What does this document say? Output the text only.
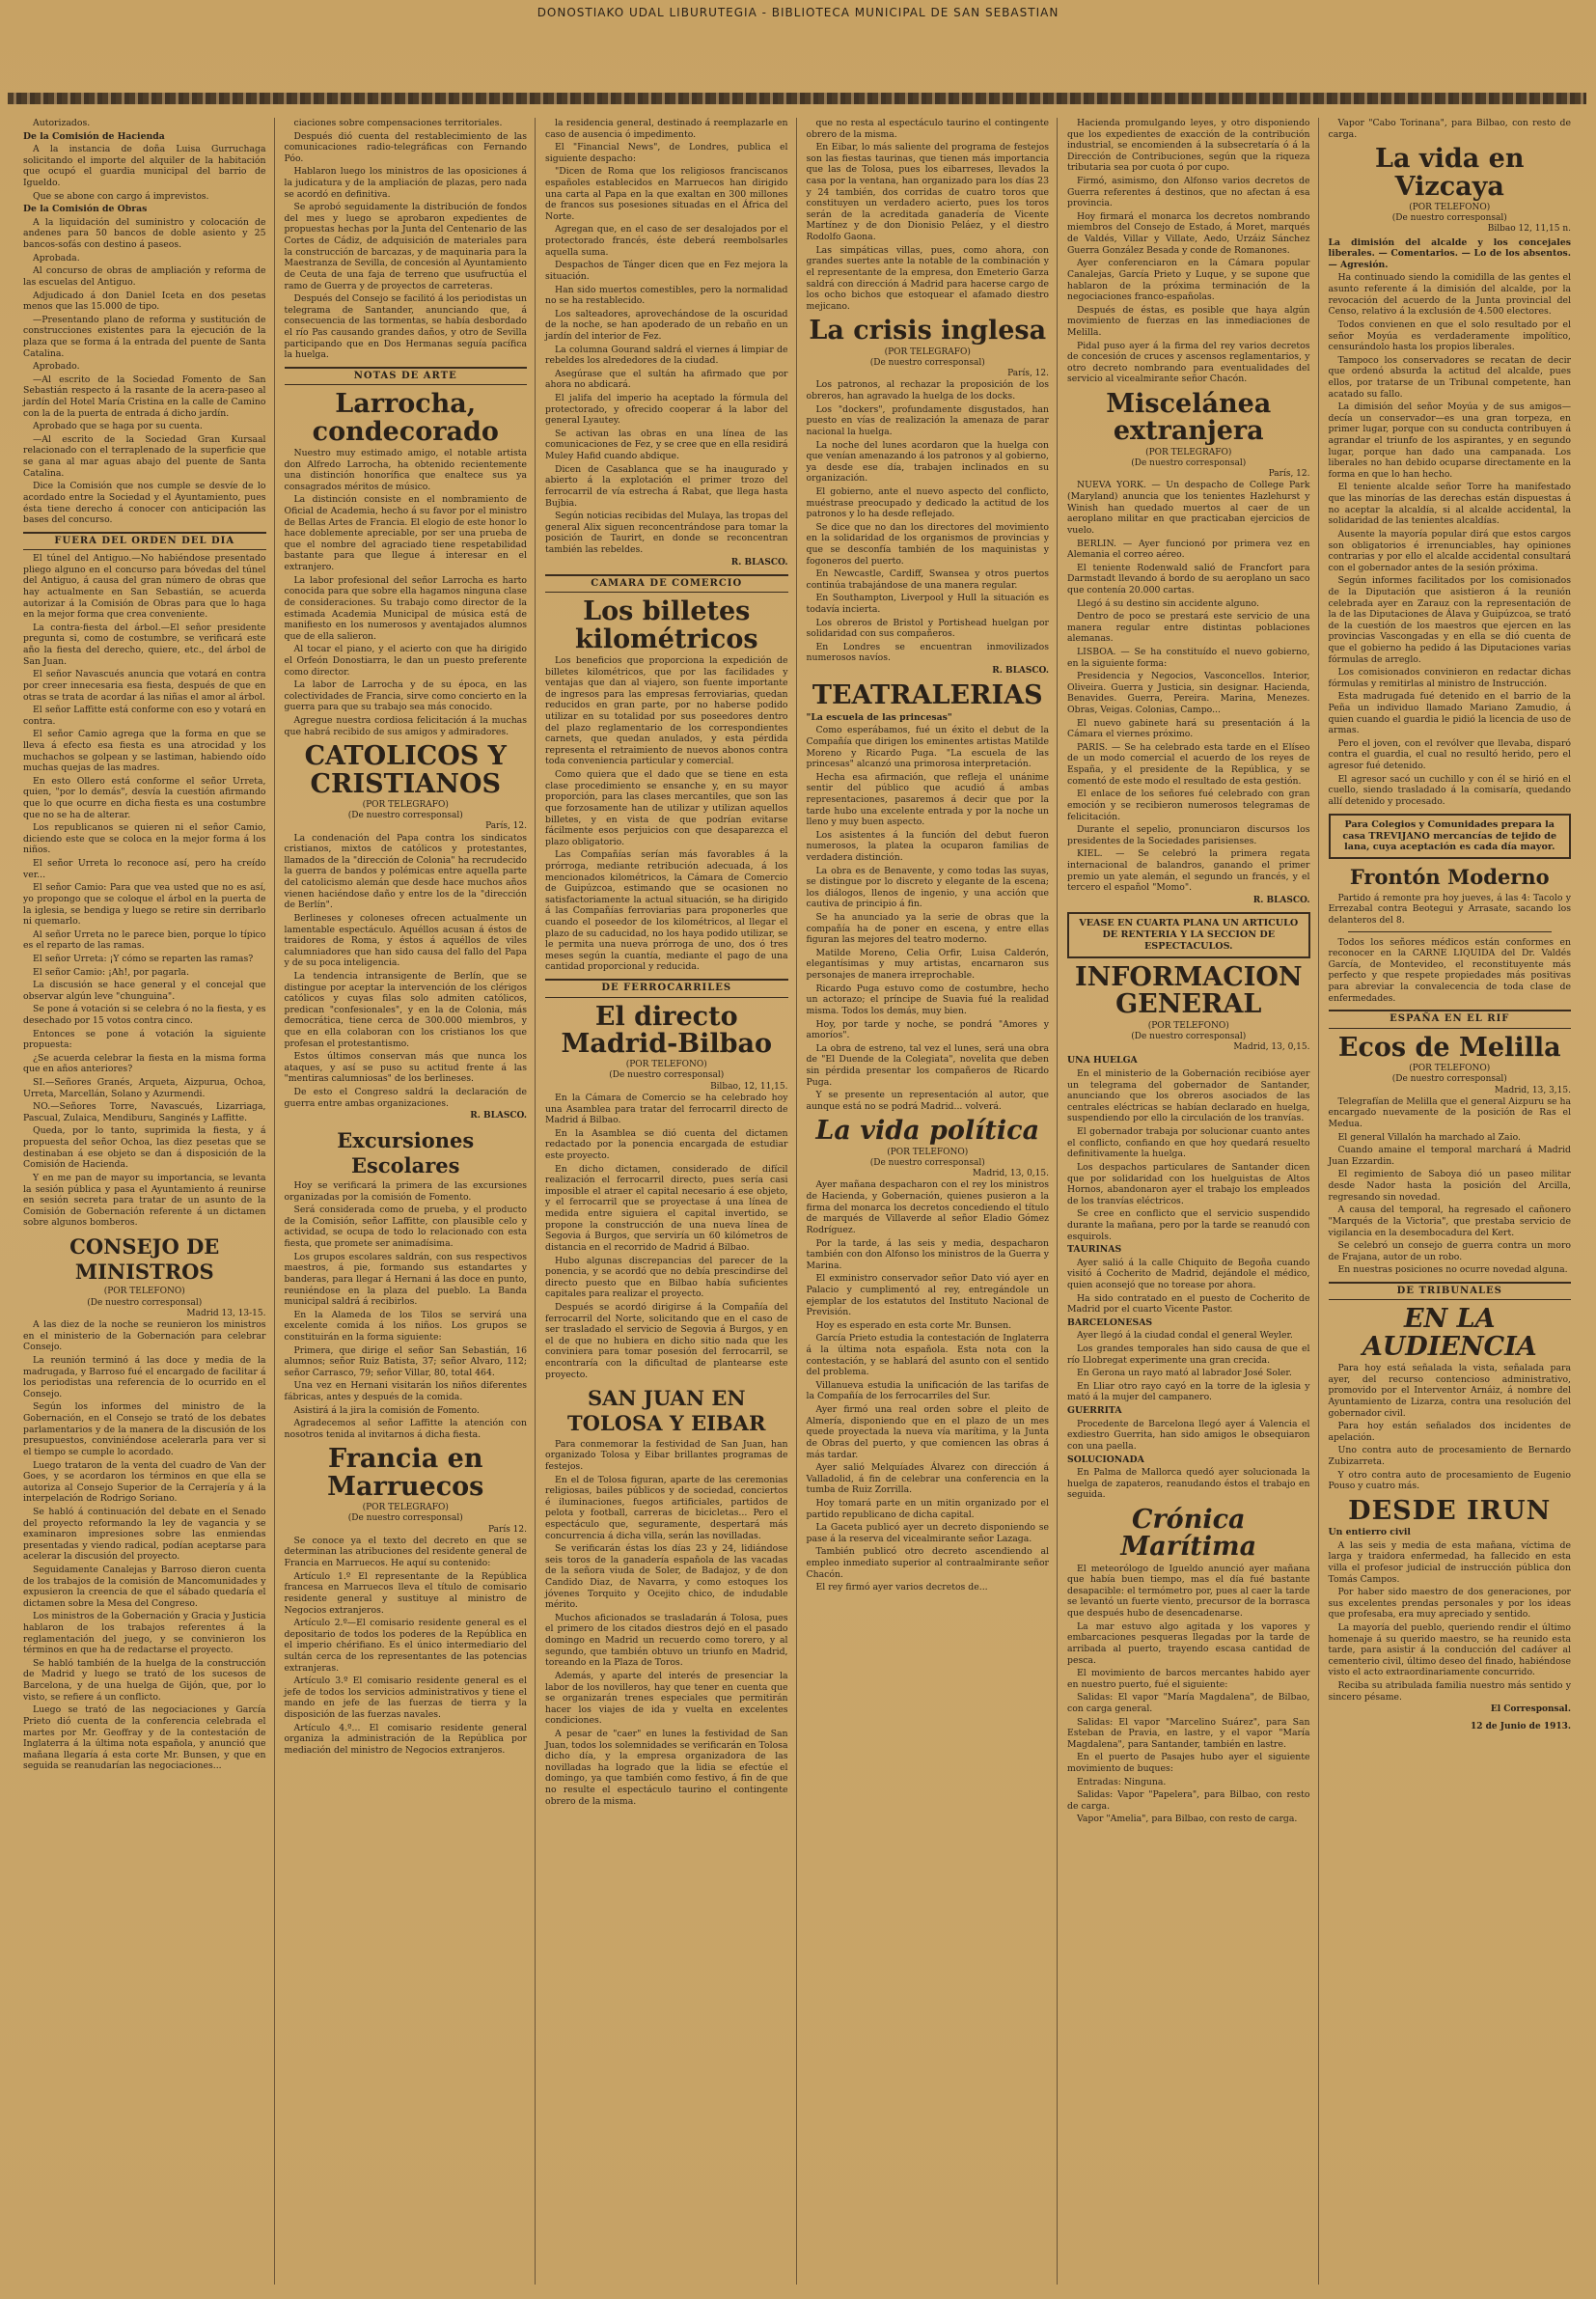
DONOSTIAKO UDAL LIBURUTEGIA - BIBLIOTECA MUNICIPAL DE SAN SEBASTIAN
Autorizados.
De la Comisión de Hacienda
A la instancia de doña Luisa Gurruchaga solicitando el importe del alquiler de la habitación que ocupó el guardia municipal del barrio de Igueldo.
Que se abone con cargo á imprevistos.
De la Comisión de Obras
A la liquidación del suministro y colocación de andenes para 50 bancos de doble asiento y 25 bancos-sofás con destino á paseos.
Aprobada.
Al concurso de obras de ampliación y reforma de las escuelas del Antiguo.
Adjudicado á don Daniel Iceta en dos pesetas menos que las 15.000 de tipo.
—Presentando plano de reforma y sustitución de construcciones existentes para la ejecución de la plaza que se forma á la entrada del puente de Santa Catalina.
Aprobado.
—Al escrito de la Sociedad Fomento de San Sebastián respecto á la rasante de la acera-paseo al jardín del Hotel María Cristina en la calle de Camino con la de la puerta de entrada á dicho jardín.
Aprobado que se haga por su cuenta.
—Al escrito de la Sociedad Gran Kursaal relacionado con el terraplenado de la superficie que se gana al mar aguas abajo del puente de Santa Catalina.
Dice la Comisión que nos cumple se desvíe de lo acordado entre la Sociedad y el Ayuntamiento, pues ésta tiene derecho á conocer con anticipación las bases del concurso.
FUERA DEL ORDEN DEL DIA
El túnel del Antiguo.—No habiéndose presentado pliego alguno en el concurso para bóvedas del túnel del Antiguo, á causa del gran número de obras que hay actualmente en San Sebastián, se acuerda autorizar á la Comisión de Obras para que lo haga en la mejor forma que crea conveniente.
La contra-fiesta del árbol.—El señor presidente pregunta si, como de costumbre, se verificará este año la fiesta del derecho, quiere, etc., del árbol de San Juan.
El señor Navascués anuncia que votará en contra por creer innecesaria esa fiesta, después de que en otras se trata de acordar á las niñas el amor al árbol.
El señor Laffitte está conforme con eso y votará en contra.
El señor Camio agrega que la forma en que se lleva á efecto esa fiesta es una atrocidad y los muchachos se golpean y se lastiman, habiendo oído muchas quejas de las madres.
En esto Ollero está conforme el señor Urreta, quien, "por lo demás", desvía la cuestión afirmando que lo que ocurre en dicha fiesta es una costumbre que no se ha de alterar.
Los republicanos se quieren ni el señor Camio, diciendo este que se coloca en la mejor forma á los niños.
El señor Urreta lo reconoce así, pero ha creído ver...
El señor Camio: Para que vea usted que no es así, yo propongo que se coloque el árbol en la puerta de la iglesia, se bendiga y luego se retire sin derribarlo ni quemarlo.
Al señor Urreta no le parece bien, porque lo típico es el reparto de las ramas.
El señor Urreta: ¡Y cómo se reparten las ramas?
El señor Camio: ¡Ah!, por pagarla.
La discusión se hace general y el concejal que observar algún leve "chunguina".
Se pone á votación si se celebra ó no la fiesta, y es desechado por 15 votos contra cinco.
Entonces se pone á votación la siguiente propuesta:
¿Se acuerda celebrar la fiesta en la misma forma que en años anteriores?
SI.—Señores Granés, Arqueta, Aizpurua, Ochoa, Urreta, Marcellán, Solano y Azurmendi.
NO.—Señores Torre, Navascués, Lizarriaga, Pascual, Zulaica, Mendiburu, Sanginés y Laffitte.
Queda, por lo tanto, suprimida la fiesta, y á propuesta del señor Ochoa, las diez pesetas que se destinaban á ese objeto se dan á disposición de la Comisión de Hacienda.
Y en me pan de mayor su importancia, se levanta la sesión pública y pasa el Ayuntamiento á reunirse en sesión secreta para tratar de un asunto de la Comisión de Gobernación referente á un dictamen sobre algunos bomberos.
CONSEJO DE MINISTROS
(POR TELEFONO)
(De nuestro corresponsal)
Madrid 13, 13-15.
A las diez de la noche se reunieron los ministros en el ministerio de la Gobernación para celebrar Consejo.
La reunión terminó á las doce y media de la madrugada, y Barroso fué el encargado de facilitar á los periodistas una referencia de lo ocurrido en el Consejo.
Según los informes del ministro de la Gobernación, en el Consejo se trató de los debates parlamentarios y de la manera de la discusión de los presupuestos, conviniéndose acelerarla para ver si el tiempo se cumple lo acordado.
Luego trataron de la venta del cuadro de Van der Goes, y se acordaron los términos en que ella se autoriza al Consejo Superior de la Cerrajería y á la interpelación de Rodrigo Soriano.
Se habló á continuación del debate en el Senado del proyecto reformando la ley de vagancia y se examinaron impresiones sobre las enmiendas presentadas y viendo radical, podían aceptarse para acelerar la discusión del proyecto.
Seguidamente Canalejas y Barroso dieron cuenta de los trabajos de la comisión de Mancomunidades y expusieron la creencia de que el sábado quedaría el dictamen sobre la Mesa del Congreso.
Los ministros de la Gobernación y Gracia y Justicia hablaron de los trabajos referentes á la reglamentación del juego, y se convinieron los términos en que ha de redactarse el proyecto.
Se habló también de la huelga de la construcción de Madrid y luego se trató de los sucesos de Barcelona, y de una huelga de Gijón, que, por lo visto, se refiere á un conflicto.
Luego se trató de las negociaciones y García Prieto dió cuenta de la conferencia celebrada el martes por Mr. Geoffray y de la contestación de Inglaterra á la última nota española, y anunció que mañana llegaría á esta corte Mr. Bunsen, y que en seguida se reanudarían las negociaciones...
ciaciones sobre compensaciones territoriales.
Después dió cuenta del restablecimiento de las comunicaciones radio-telegráficas con Fernando Póo.
Hablaron luego los ministros de las oposiciones á la judicatura y de la ampliación de plazas, pero nada se acordó en definitiva.
Se aprobó seguidamente la distribución de fondos del mes y luego se aprobaron expedientes de propuestas hechas por la Junta del Centenario de las Cortes de Cádiz, de adquisición de materiales para la construcción de barcazas, y de maquinaria para la Maestranza de Sevilla, de concesión al Ayuntamiento de Ceuta de una faja de terreno que usufructúa el ramo de Guerra y de proyectos de carreteras.
Después del Consejo se facilitó á los periodistas un telegrama de Santander, anunciando que, á consecuencia de las tormentas, se había desbordado el río Pas causando grandes daños, y otro de Sevilla participando que en Dos Hermanas seguía pacífica la huelga.
NOTAS DE ARTE
Larrocha, condecorado
Nuestro muy estimado amigo, el notable artista don Alfredo Larrocha, ha obtenido recientemente una distinción honorífica que enaltece sus ya consagrados méritos de músico.
La distinción consiste en el nombramiento de Oficial de Academia, hecho á su favor por el ministro de Bellas Artes de Francia. El elogio de este honor lo hace doblemente apreciable, por ser una prueba de que el nombre del agraciado tiene respetabilidad bastante para que llegue á interesar en el extranjero.
La labor profesional del señor Larrocha es harto conocida para que sobre ella hagamos ninguna clase de consideraciones. Su trabajo como director de la estimada Academia Municipal de música está de manifiesto en los numerosos y aventajados alumnos que de ella salieron.
Al tocar el piano, y el acierto con que ha dirigido el Orfeón Donostiarra, le dan un puesto preferente como director.
La labor de Larrocha y de su época, en las colectividades de Francia, sirve como concierto en la guerra para que su trabajo sea más conocido.
Agregue nuestra cordiosa felicitación á la muchas que habrá recibido de sus amigos y admiradores.
CATOLICOS Y CRISTIANOS
(POR TELEGRAFO)
(De nuestro corresponsal)
París, 12.
La condenación del Papa contra los sindicatos cristianos, mixtos de católicos y protestantes, llamados de la "dirección de Colonia" ha recrudecido la guerra de bandos y polémicas entre aquella parte del catolicismo alemán que desde hace muchos años vienen haciéndose daño y entre los de la "dirección de Berlín".
Berlineses y coloneses ofrecen actualmente un lamentable espectáculo. Aquéllos acusan á éstos de traidores de Roma, y éstos á aquéllos de viles calumniadores que han sido causa del fallo del Papa y de su poca inteligencia.
La tendencia intransigente de Berlín, que se distingue por aceptar la intervención de los clérigos católicos y cuyas filas solo admiten católicos, predican "confesionales", y en la de Colonia, más democrática, tiene cerca de 300.000 miembros, y que en ella colaboran con los cristianos los que profesan el protestantismo.
Estos últimos conservan más que nunca los ataques, y así se puso su actitud frente á las "mentiras calumniosas" de los berlineses.
De esto el Congreso saldrá la declaración de guerra entre ambas organizaciones.
R. BLASCO.
Excursiones Escolares
Hoy se verificará la primera de las excursiones organizadas por la comisión de Fomento.
Será considerada como de prueba, y el producto de la Comisión, señor Laffitte, con plausible celo y actividad, se ocupa de todo lo relacionado con esta fiesta, que promete ser animadísima.
Los grupos escolares saldrán, con sus respectivos maestros, á pie, formando sus estandartes y banderas, para llegar á Hernani á las doce en punto, reuniéndose en la plaza del pueblo. La Banda municipal saldrá á recibirlos.
En la Alameda de los Tilos se servirá una excelente comida á los niños. Los grupos se constituirán en la forma siguiente:
Primera, que dirige el señor San Sebastián, 16 alumnos; señor Ruiz Batista, 37; señor Alvaro, 112; señor Carrasco, 79; señor Villar, 80, total 464.
Una vez en Hernani visitarán los niños diferentes fábricas, antes y después de la comida.
Asistirá á la jira la comisión de Fomento.
Agradecemos al señor Laffitte la atención con nosotros tenida al invitarnos á dicha fiesta.
Francia en Marruecos
(POR TELEGRAFO)
(De nuestro corresponsal)
París 12.
Se conoce ya el texto del decreto en que se determinan las atribuciones del residente general de Francia en Marruecos. He aquí su contenido:
Artículo 1.º El representante de la República francesa en Marruecos lleva el título de comisario residente general y sustituye al ministro de Negocios extranjeros.
Artículo 2.º—El comisario residente general es el depositario de todos los poderes de la República en el imperio chérifiano. Es el único intermediario del sultán cerca de los representantes de las potencias extranjeras.
Artículo 3.º El comisario residente general es el jefe de todos los servicios administrativos y tiene el mando en jefe de las fuerzas de tierra y la disposición de las fuerzas navales.
Artículo 4.º... El comisario residente general organiza la administración de la República por mediación del ministro de Negocios extranjeros.
la residencia general, destinado á reemplazarle en caso de ausencia ó impedimento.
El "Financial News", de Londres, publica el siguiente despacho:
"Dicen de Roma que los religiosos franciscanos españoles establecidos en Marruecos han dirigido una carta al Papa en la que exaltan en 300 millones de francos sus posesiones situadas en el África del Norte.
Agregan que, en el caso de ser desalojados por el protectorado francés, éste deberá reembolsarles aquella suma.
Despachos de Tánger dicen que en Fez mejora la situación.
Han sido muertos comestibles, pero la normalidad no se ha restablecido.
Los salteadores, aprovechándose de la oscuridad de la noche, se han apoderado de un rebaño en un jardín del interior de Fez.
La columna Gourand saldrá el viernes á limpiar de rebeldes los alrededores de la ciudad.
Asegúrase que el sultán ha afirmado que por ahora no abdicará.
El jalifa del imperio ha aceptado la fórmula del protectorado, y ofrecido cooperar á la labor del general Lyautey.
Se activan las obras en una línea de las comunicaciones de Fez, y se cree que en ella residirá Muley Hafid cuando abdique.
Dicen de Casablanca que se ha inaugurado y abierto á la explotación el primer trozo del ferrocarril de vía estrecha á Rabat, que llega hasta Bujbia.
Según noticias recibidas del Mulaya, las tropas del general Alix siguen reconcentrándose para tomar la posición de Taurirt, en donde se reconcentran también las rebeldes.
R. BLASCO.
CAMARA DE COMERCIO
Los billetes kilométricos
Los beneficios que proporciona la expedición de billetes kilométricos, que por las facilidades y ventajas que dan al viajero, son fuente importante de ingresos para las empresas ferroviarias, quedan reducidos en gran parte, por no haberse podido utilizar en su totalidad por sus poseedores dentro del plazo reglamentario de los correspondientes carnets, que quedan anulados, y esta pérdida representa el retraimiento de nuevos abonos contra toda conveniencia particular y comercial.
Como quiera que el dado que se tiene en esta clase procedimiento se ensanche y, en su mayor proporción, para las clases mercantiles, que son las que forzosamente han de utilizar y utilizan aquellos billetes, y en vista de que podrían evitarse fácilmente esos perjuicios con que desaparezca el plazo obligatorio.
Las Compañías serían más favorables á la prórroga, mediante retribución adecuada, á los mencionados kilométricos, la Cámara de Comercio de Guipúzcoa, estimando que se ocasionen no satisfactoriamente la actual situación, se ha dirigido á las Compañías ferroviarias para proponerles que cuando el poseedor de los kilométricos, al llegar el plazo de su caducidad, no los haya podido utilizar, se le permita una nueva prórroga de uno, dos ó tres meses según la cuantía, mediante el pago de una cantidad proporcional y reducida.
DE FERROCARRILES
El directo Madrid-Bilbao
(POR TELEFONO)
(De nuestro corresponsal)
Bilbao, 12, 11,15.
En la Cámara de Comercio se ha celebrado hoy una Asamblea para tratar del ferrocarril directo de Madrid á Bilbao.
En la Asamblea se dió cuenta del dictamen redactado por la ponencia encargada de estudiar este proyecto.
En dicho dictamen, considerado de difícil realización el ferrocarril directo, pues sería casi imposible el atraer el capital necesario á ese objeto, y el ferrocarril que se proyectase á una línea de medida entre siguiera el capital invertido, se propone la construcción de una nueva línea de Segovia á Burgos, que serviría un 60 kilómetros de distancia en el recorrido de Madrid á Bilbao.
Hubo algunas discrepancias del parecer de la ponencia, y se acordó que no debía prescindirse del directo puesto que en Bilbao había suficientes capitales para realizar el proyecto.
Después se acordó dirigirse á la Compañía del ferrocarril del Norte, solicitando que en el caso de ser trasladado el servicio de Segovia á Burgos, y en el de que no hubiera en dicho sitio nada que les conviniera para tomar posesión del ferrocarril, se encontraría con la dificultad de plantearse este proyecto.
SAN JUAN EN TOLOSA Y EIBAR
Para conmemorar la festividad de San Juan, han organizado Tolosa y Eibar brillantes programas de festejos.
En el de Tolosa figuran, aparte de las ceremonias religiosas, bailes públicos y de sociedad, conciertos é iluminaciones, fuegos artificiales, partidos de pelota y football, carreras de bicicletas... Pero el espectáculo que, seguramente, despertará más concurrencia á dicha villa, serán las novilladas.
Se verificarán éstas los días 23 y 24, lidiándose seis toros de la ganadería española de las vacadas de la señora viuda de Soler, de Badajoz, y de don Candido Diaz, de Navarra, y como estoques los jóvenes Torquito y Ocejito chico, de indudable mérito.
Muchos aficionados se trasladarán á Tolosa, pues el primero de los citados diestros dejó en el pasado domingo en Madrid un recuerdo como torero, y al segundo, que también obtuvo un triunfo en Madrid, toreando en la Plaza de Toros.
Además, y aparte del interés de presenciar la labor de los novilleros, hay que tener en cuenta que se organizarán trenes especiales que permitirán hacer los viajes de ida y vuelta en excelentes condiciones.
A pesar de "caer" en lunes la festividad de San Juan, todos los solemnidades se verificarán en Tolosa dicho día, y la empresa organizadora de las novilladas ha logrado que la lidia se efectúe el domingo, ya que también como festivo, á fin de que no resulte el espectáculo taurino el contingente obrero de la misma.
que no resta al espectáculo taurino el contingente obrero de la misma.
En Eibar, lo más saliente del programa de festejos son las fiestas taurinas, que tienen más importancia que las de Tolosa, pues los eibarreses, llevados la casa por la ventana, han organizado para los días 23 y 24 también, dos corridas de cuatro toros que constituyen un verdadero acierto, pues los toros serán de la acreditada ganadería de Vicente Martínez y de don Dionisio Peláez, y el diestro Rodolfo Gaona.
Las simpáticas villas, pues, como ahora, con grandes suertes ante la notable de la combinación y el representante de la empresa, don Emeterio Garza saldrá con dirección á Madrid para hacerse cargo de los ocho bichos que estoquear el afamado diestro mejicano.
La crisis inglesa
(POR TELEGRAFO)
(De nuestro corresponsal)
París, 12.
Los patronos, al rechazar la proposición de los obreros, han agravado la huelga de los docks.
Los "dockers", profundamente disgustados, han puesto en vías de realización la amenaza de parar nacional la huelga.
La noche del lunes acordaron que la huelga con que venían amenazando á los patronos y al gobierno, ya desde ese día, trabajen inclinados en su organización.
El gobierno, ante el nuevo aspecto del conflicto, muéstrase preocupado y dedicado la actitud de los patronos y lo ha desde reflejado.
Se dice que no dan los directores del movimiento en la solidaridad de los organismos de provincias y que se desconfía también de los maquinistas y fogoneros del puerto.
En Newcastle, Cardiff, Swansea y otros puertos continúa trabajándose de una manera regular.
En Southampton, Liverpool y Hull la situación es todavía incierta.
Los obreros de Bristol y Portishead huelgan por solidaridad con sus compañeros.
En Londres se encuentran inmovilizados numerosos navíos.
R. BLASCO.
TEATRALERIAS
"La escuela de las princesas"
Como esperábamos, fué un éxito el debut de la Compañía que dirigen los eminentes artistas Matilde Moreno y Ricardo Puga. "La escuela de las princesas" alcanzó una primorosa interpretación.
Hecha esa afirmación, que refleja el unánime sentir del público que acudió á ambas representaciones, pasaremos á decir que por la tarde hubo una excelente entrada y por la noche un lleno y muy buen aspecto.
Los asistentes á la función del debut fueron numerosos, la platea la ocuparon familias de verdadera distinción.
La obra es de Benavente, y como todas las suyas, se distingue por lo discreto y elegante de la escena; los diálogos, llenos de ingenio, y una acción que cautiva de principio á fin.
Se ha anunciado ya la serie de obras que la compañía ha de poner en escena, y entre ellas figuran las mejores del teatro moderno.
Matilde Moreno, Celia Orfir, Luisa Calderón, elegantísimas y muy artistas, encarnaron sus personajes de manera irreprochable.
Ricardo Puga estuvo como de costumbre, hecho un actorazo; el príncipe de Suavia fué la realidad misma. Todos los demás, muy bien.
Hoy, por tarde y noche, se pondrá "Amores y amoríos".
La obra de estreno, tal vez el lunes, será una obra de "El Duende de la Colegiata", novelita que deben sin pérdida presentar los compañeros de Ricardo Puga.
Y se presente un representación al autor, que aunque está no se podrá Madrid... volverá.
La vida política
(POR TELEFONO)
(De nuestro corresponsal)
Madrid, 13, 0,15.
Ayer mañana despacharon con el rey los ministros de Hacienda, y Gobernación, quienes pusieron a la firma del monarca los decretos concediendo el título de marqués de Villaverde al señor Eladio Gómez Rodríguez.
Por la tarde, á las seis y media, despacharon también con don Alfonso los ministros de la Guerra y Marina.
El exministro conservador señor Dato vió ayer en Palacio y cumplimentó al rey, entregándole un ejemplar de los estatutos del Instituto Nacional de Previsión.
Hoy es esperado en esta corte Mr. Bunsen.
García Prieto estudia la contestación de Inglaterra á la última nota española. Esta nota con la contestación, y se hablará del asunto con el sentido del problema.
Villanueva estudia la unificación de las tarifas de la Compañía de los ferrocarriles del Sur.
Ayer firmó una real orden sobre el pleito de Almería, disponiendo que en el plazo de un mes quede proyectada la nueva vía marítima, y la Junta de Obras del puerto, y que comiencen las obras á más tardar.
Ayer salió Melquíades Álvarez con dirección á Valladolid, á fin de celebrar una conferencia en la tumba de Ruiz Zorrilla.
Hoy tomará parte en un mitin organizado por el partido republicano de dicha capital.
La Gaceta publicó ayer un decreto disponiendo se pase á la reserva del vicealmirante señor Lazaga.
También publicó otro decreto ascendiendo al empleo inmediato superior al contraalmirante señor Chacón.
El rey firmó ayer varios decretos de...
Hacienda promulgando leyes, y otro disponiendo que los expedientes de exacción de la contribución industrial, se encomienden á la subsecretaría ó á la Dirección de Contribuciones, según que la riqueza tributaria sea por cuota ó por cupo.
Firmó, asimismo, don Alfonso varios decretos de Guerra referentes á destinos, que no afectan á esa provincia.
Hoy firmará el monarca los decretos nombrando miembros del Consejo de Estado, á Moret, marqués de Valdés, Villar y Villate, Aedo, Urzáiz Sánchez Guerra González Besada y conde de Romanones.
Ayer conferenciaron en la Cámara popular Canalejas, García Prieto y Luque, y se supone que hablaron de la próxima terminación de la negociaciones franco-españolas.
Después de éstas, es posible que haya algún movimiento de fuerzas en las inmediaciones de Melilla.
Pidal puso ayer á la firma del rey varios decretos de concesión de cruces y ascensos reglamentarios, y otro decreto nombrando para eventualidades del servicio al vicealmirante señor Chacón.
Miscelánea extranjera
(POR TELEGRAFO)
(De nuestro corresponsal)
París, 12.
NUEVA YORK. — Un despacho de College Park (Maryland) anuncia que los tenientes Hazlehurst y Winish han quedado muertos al caer de un aeroplano militar en que practicaban ejercicios de vuelo.
BERLIN. — Ayer funcionó por primera vez en Alemania el correo aéreo.
El teniente Rodenwald salió de Francfort para Darmstadt llevando á bordo de su aeroplano un saco que contenía 20.000 cartas.
Llegó á su destino sin accidente alguno.
Dentro de poco se prestará este servicio de una manera regular entre distintas poblaciones alemanas.
LISBOA. — Se ha constituído el nuevo gobierno, en la siguiente forma:
Presidencia y Negocios, Vasconcellos. Interior, Oliveira. Guerra y Justicia, sin designar. Hacienda, Benavides. Guerra, Pereira. Marina, Menezes. Obras, Veigas. Colonias, Campo...
El nuevo gabinete hará su presentación á la Cámara el viernes próximo.
PARIS. — Se ha celebrado esta tarde en el Elíseo de un modo comercial el acuerdo de los reyes de España, y el presidente de la República, y se comentó de este modo el resultado de esta gestión.
El enlace de los señores fué celebrado con gran emoción y se recibieron numerosos telegramas de felicitación.
Durante el sepelio, pronunciaron discursos los presidentes de la Sociedades parisienses.
KIEL. — Se celebró la primera regata internacional de balandros, ganando el primer premio un yate alemán, el segundo un francés, y el tercero el español "Momo".
R. BLASCO.
VEASE EN CUARTA PLANA UN ARTICULO DE RENTERIA Y LA SECCION DE ESPECTACULOS.
INFORMACION GENERAL
(POR TELEFONO)
(De nuestro corresponsal)
Madrid, 13, 0,15.
UNA HUELGA
En el ministerio de la Gobernación recibióse ayer un telegrama del gobernador de Santander, anunciando que los obreros asociados de las centrales eléctricas se habían declarado en huelga, suspendiendo por ello la circulación de los tranvías.
El gobernador trabaja por solucionar cuanto antes el conflicto, confiando en que hoy quedará resuelto definitivamente la huelga.
Los despachos particulares de Santander dicen que por solidaridad con los huelguistas de Altos Hornos, abandonaron ayer el trabajo los empleados de los tranvías eléctricos.
Se cree en conflicto que el servicio suspendido durante la mañana, pero por la tarde se reanudó con esquirols.
TAURINAS
Ayer salió á la calle Chiquito de Begoña cuando visitó á Cocherito de Madrid, dejándole el médico, quien aconsejó que no torease por ahora.
Ha sido contratado en el puesto de Cocherito de Madrid por el cuarto Vicente Pastor.
BARCELONESAS
Ayer llegó á la ciudad condal el general Weyler.
Los grandes temporales han sido causa de que el río Llobregat experimente una gran crecida.
En Gerona un rayo mató al labrador José Soler.
En Lliar otro rayo cayó en la torre de la iglesia y mató á la mujer del campanero.
GUERRITA
Procedente de Barcelona llegó ayer á Valencia el exdiestro Guerrita, han sido amigos le obsequiaron con una paella.
SOLUCIONADA
En Palma de Mallorca quedó ayer solucionada la huelga de zapateros, reanudando éstos el trabajo en seguida.
Crónica Marítima
El meteorólogo de Igueldo anunció ayer mañana que había buen tiempo, mas el día fué bastante desapacible: el termómetro por, pues al caer la tarde se levantó un fuerte viento, precursor de la borrasca que después hubo de desencadenarse.
La mar estuvo algo agitada y los vapores y embarcaciones pesqueras llegadas por la tarde de arribada al puerto, trayendo escasa cantidad de pesca.
El movimiento de barcos mercantes habido ayer en nuestro puerto, fué el siguiente:
Salidas: El vapor "María Magdalena", de Bilbao, con carga general.
Salidas: El vapor "Marcelino Suárez", para San Esteban de Pravia, en lastre, y el vapor "María Magdalena", para Santander, también en lastre.
En el puerto de Pasajes hubo ayer el siguiente movimiento de buques:
Entradas: Ninguna.
Salidas: Vapor "Papelera", para Bilbao, con resto de carga.
Vapor "Amelia", para Bilbao, con resto de carga.
Vapor "Cabo Torinana", para Bilbao, con resto de carga.
La vida en Vizcaya
(POR TELEFONO)
(De nuestro corresponsal)
Bilbao 12, 11,15 n.
La dimisión del alcalde y los concejales liberales. — Comentarios. — Lo de los absentos. — Agresión.
Ha continuado siendo la comidilla de las gentes el asunto referente á la dimisión del alcalde, por la revocación del acuerdo de la Junta provincial del Censo, relativo á la exclusión de 4.500 electores.
Todos convienen en que el solo resultado por el señor Moyúa es verdaderamente impolítico, censurándolo hasta los propios liberales.
Tampoco los conservadores se recatan de decir que ordenó absurda la actitud del alcalde, pues ellos, por tratarse de un Tribunal competente, han acatado su fallo.
La dimisión del señor Moyúa y de sus amigos—decía un conservador—es una gran torpeza, en primer lugar, porque con su conducta contribuyen á agrandar el triunfo de los aspirantes, y en segundo lugar, porque han dado una campanada. Los liberales no han debido ocuparse directamente en la forma en que lo han hecho.
El teniente alcalde señor Torre ha manifestado que las minorías de las derechas están dispuestas á no aceptar la alcaldía, si al alcalde accidental, la solidaridad de las tenientes alcaldías.
Ausente la mayoría popular dirá que estos cargos son obligatorios é irrenunciables, hay opiniones contrarias y por ello el alcalde accidental consultará con el gobernador antes de la sesión próxima.
Según informes facilitados por los comisionados de la Diputación que asistieron á la reunión celebrada ayer en Zarauz con la representación de la de las Diputaciones de Álava y Guipúzcoa, se trató de la cuestión de los maestros que ejercen en las provincias Vascongadas y en ella se dió cuenta de que el gobierno ha pedido á las Diputaciones varias fórmulas de arreglo.
Los comisionados convinieron en redactar dichas fórmulas y remitirlas al ministro de Instrucción.
Esta madrugada fué detenido en el barrio de la Peña un individuo llamado Mariano Zamudio, á quien cuando el guardia le pidió la licencia de uso de armas.
Pero el joven, con el revólver que llevaba, disparó contra el guardia, el cual no resultó herido, pero el agresor fué detenido.
El agresor sacó un cuchillo y con él se hirió en el cuello, siendo trasladado á la comisaría, quedando allí detenido y procesado.
Para Colegios y Comunidades prepara la casa TREVIJANO mercancías de tejido de lana, cuya aceptación es cada día mayor.
Frontón Moderno
Partido á remonte pra hoy jueves, á las 4: Tacolo y Errezabal contra Beotegui y Arrasate, sacando los delanteros del 8.
Todos los señores médicos están conformes en reconocer en la CARNE LIQUIDA del Dr. Valdés García, de Montevideo, el reconstituyente más perfecto y que respete propiedades más positivas para abreviar la convalecencia de toda clase de enfermedades.
ESPAÑA EN EL RIF
Ecos de Melilla
(POR TELEFONO)
(De nuestro corresponsal)
Madrid, 13, 3,15.
Telegrafían de Melilla que el general Aizpuru se ha encargado nuevamente de la posición de Ras el Medua.
El general Villalón ha marchado al Zaio.
Cuando amaine el temporal marchará á Madrid Juan Ezzardin.
El regimiento de Saboya dió un paseo militar desde Nador hasta la posición del Arcilla, regresando sin novedad.
A causa del temporal, ha regresado el cañonero "Marqués de la Victoria", que prestaba servicio de vigilancia en la desembocadura del Kert.
Se celebró un consejo de guerra contra un moro de Frajana, autor de un robo.
En nuestras posiciones no ocurre novedad alguna.
DE TRIBUNALES
EN LA AUDIENCIA
Para hoy está señalada la vista, señalada para ayer, del recurso contencioso administrativo, promovido por el Interventor Arnáiz, á nombre del Ayuntamiento de Lizarza, contra una resolución del gobernador civil.
Para hoy están señalados dos incidentes de apelación.
Uno contra auto de procesamiento de Bernardo Zubizarreta.
Y otro contra auto de procesamiento de Eugenio Pouso y cuatro más.
DESDE IRUN
Un entierro civil
A las seis y media de esta mañana, víctima de larga y traidora enfermedad, ha fallecido en esta villa el profesor judicial de instrucción pública don Tomás Campos.
Por haber sido maestro de dos generaciones, por sus excelentes prendas personales y por los ideas que profesaba, era muy apreciado y sentido.
La mayoría del pueblo, queriendo rendir el último homenaje á su querido maestro, se ha reunido esta tarde, para asistir á la conducción del cadáver al cementerio civil, último deseo del finado, habiéndose visto el acto extraordinariamente concurrido.
Reciba su atribulada familia nuestro más sentido y sincero pésame.
El Corresponsal.
12 de Junio de 1913.
